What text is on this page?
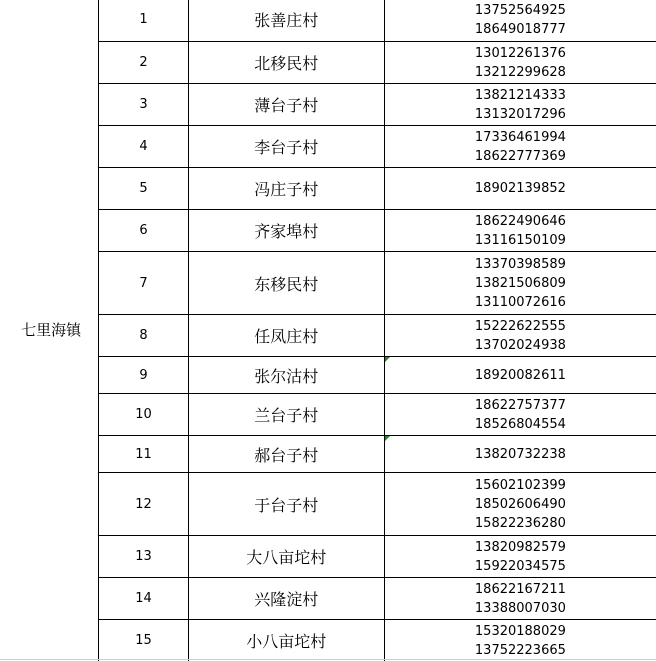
七里海镇	1	张善庄村	13752564925
18649018777

	2	北移民村	13012261376
13212299628

	3	薄台子村	13821214333
13132017296

	4	李台子村	17336461994
18622777369

	5	冯庄子村	18902139852

	6	齐家埠村	18622490646
13116150109

	7	东移民村	13370398589
13821506809
13110072616

	8	任凤庄村	15222622555
13702024938

	9	张尔沽村	18920082611

	10	兰台子村	18622757377
18526804554

	11	郝台子村	13820732238

	12	于台子村	15602102399
18502606490
15822236280

	13	大八亩坨村	13820982579
15922034575

	14	兴隆淀村	18622167211
13388007030

	15	小八亩坨村	15320188029
13752223665
